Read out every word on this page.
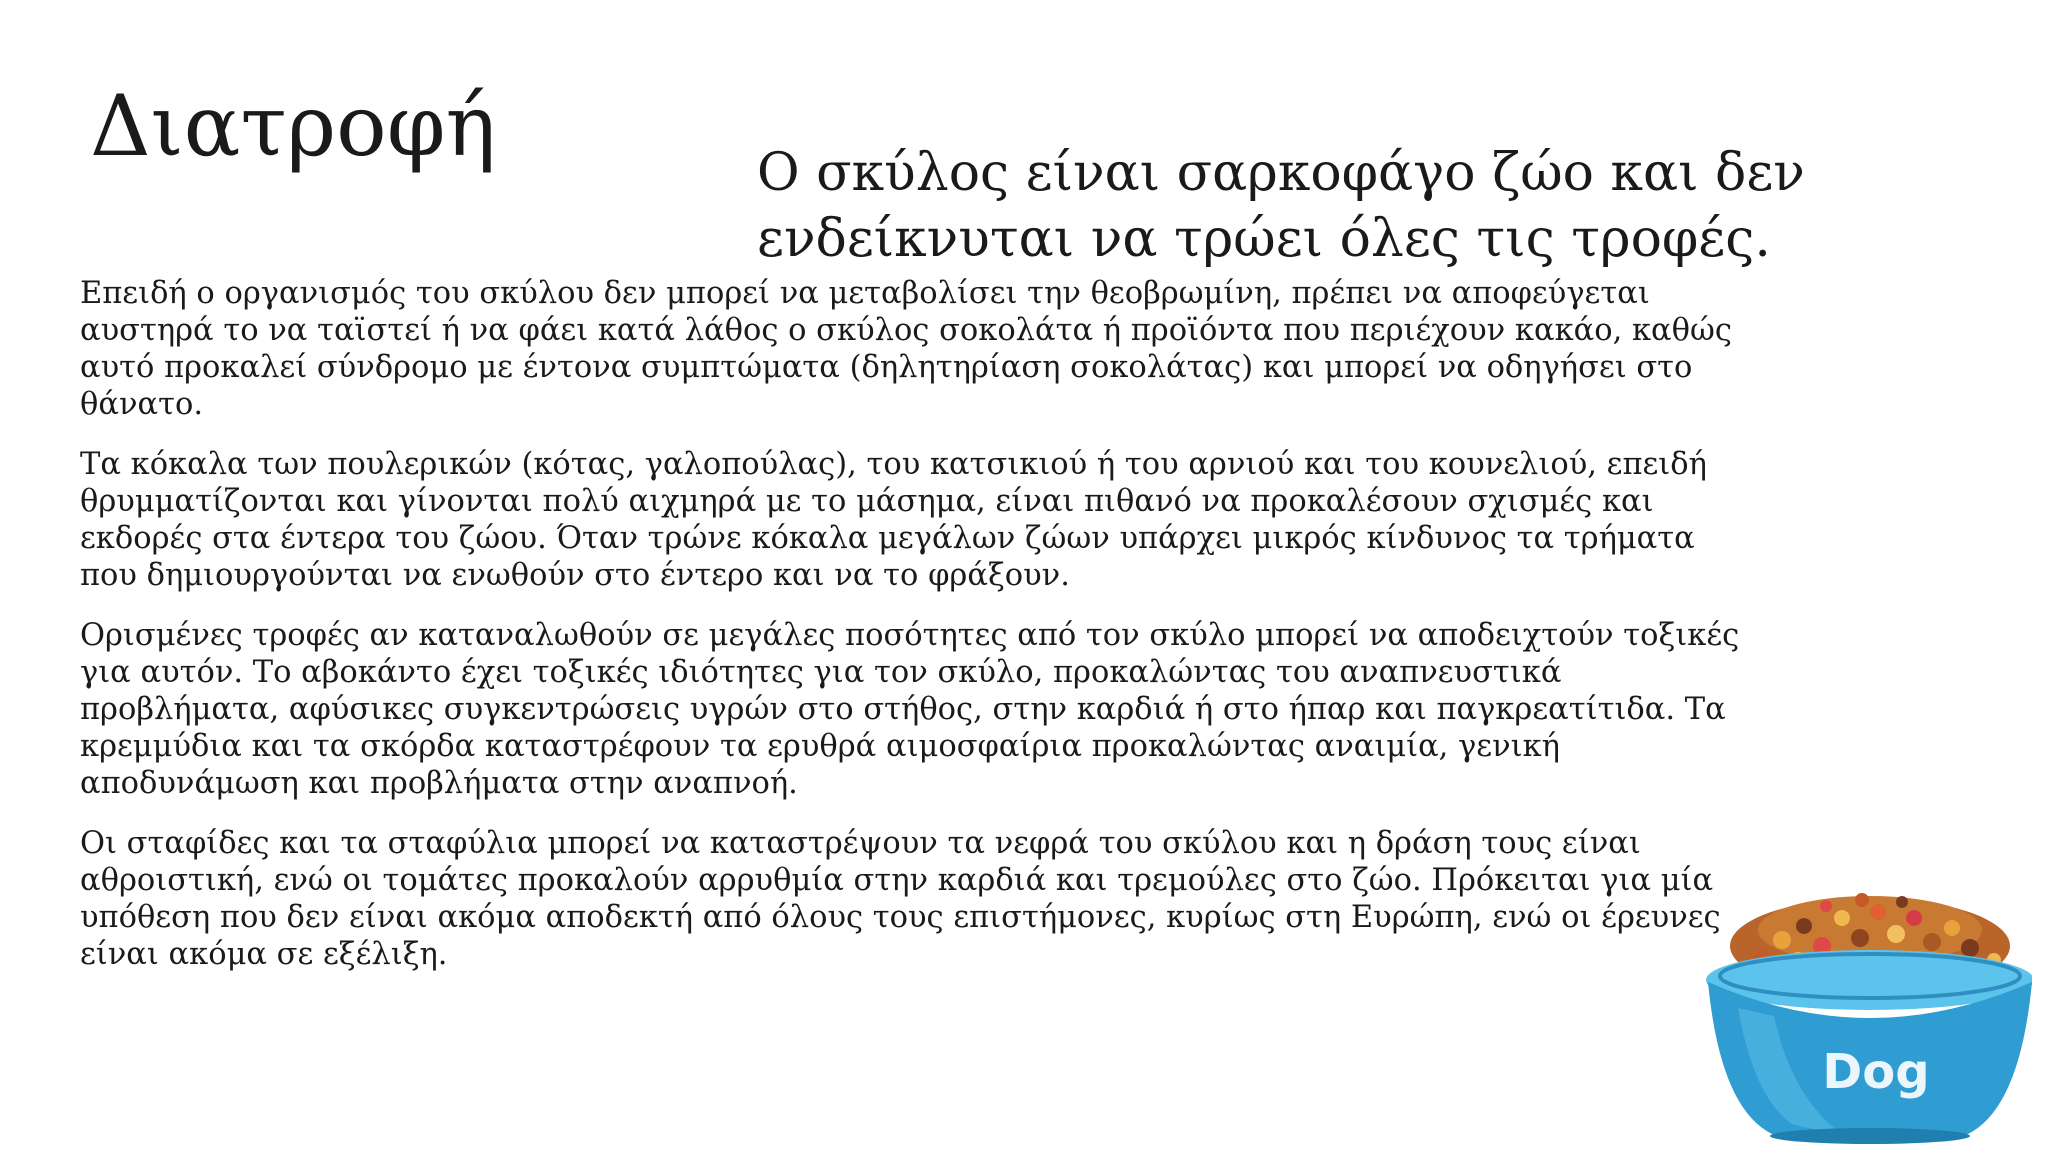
Διατροφή	Ο σκύλος είναι σαρκοφάγο ζώο και δεν ενδείκνυται να τρώει όλες τις τροφές.

Επειδή ο οργανισμός του σκύλου δεν μπορεί να μεταβολίσει την θεοβρωμίνη, πρέπει να αποφεύγεται αυστηρά το να ταϊστεί ή να φάει κατά λάθος ο σκύλος σοκολάτα ή προϊόντα που περιέχουν κακάο, καθώς αυτό προκαλεί σύνδρομο με έντονα συμπτώματα (δηλητηρίαση σοκολάτας) και μπορεί να οδηγήσει στο θάνατο.

Τα κόκαλα των πουλερικών (κότας, γαλοπούλας), του κατσικιού ή του αρνιού και του κουνελιού, επειδή θρυμματίζονται και γίνονται πολύ αιχμηρά με το μάσημα, είναι πιθανό να προκαλέσουν σχισμές και εκδορές στα έντερα του ζώου. Όταν τρώνε κόκαλα μεγάλων ζώων υπάρχει μικρός κίνδυνος τα τρήματα που δημιουργούνται να ενωθούν στο έντερο και να το φράξουν.

Ορισμένες τροφές αν καταναλωθούν σε μεγάλες ποσότητες από τον σκύλο μπορεί να αποδειχτούν τοξικές για αυτόν. Το αβοκάντο έχει τοξικές ιδιότητες για τον σκύλο, προκαλώντας του αναπνευστικά προβλήματα, αφύσικες συγκεντρώσεις υγρών στο στήθος, στην καρδιά ή στο ήπαρ και παγκρεατίτιδα. Τα κρεμμύδια και τα σκόρδα καταστρέφουν τα ερυθρά αιμοσφαίρια προκαλώντας αναιμία, γενική αποδυνάμωση και προβλήματα στην αναπνοή.

Οι σταφίδες και τα σταφύλια μπορεί να καταστρέψουν τα νεφρά του σκύλου και η δράση τους είναι αθροιστική, ενώ οι τομάτες προκαλούν αρρυθμία στην καρδιά και τρεμούλες στο ζώο. Πρόκειται για μία υπόθεση που δεν είναι ακόμα αποδεκτή από όλους τους επιστήμονες, κυρίως στη Ευρώπη, ενώ οι έρευνες είναι ακόμα σε εξέλιξη.

Dog
